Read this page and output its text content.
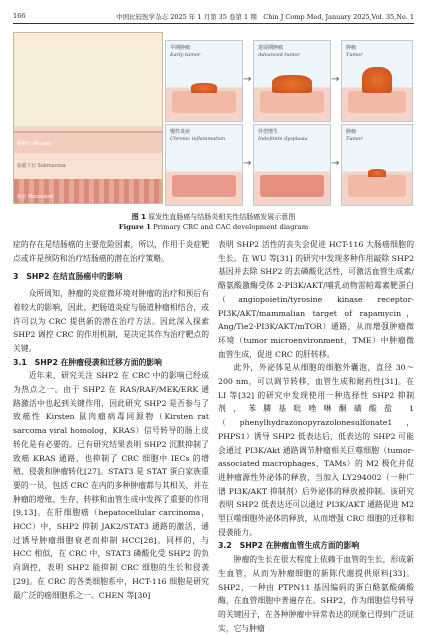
166	中国比较医学杂志 2025 年 1 月第 35 卷第 1 期　Chin J Comp Med, January 2025,Vol. 35,No. 1
黏膜层 Mucosa
黏膜下层 Submucosa
肌层 Muscularis
早期肿瘤
Early tumor
→
进展期肿瘤
Advanced tumor
→
肿瘤
Tumor
慢性炎症
Chronic inflammation
→
异型增生
Indefinite dysplasia
→
肿瘤
Tumor
图 1 原发性直肠癌与结肠炎相关性结肠癌发展示意图
Figure 1 Primary CRC and CAC development diagram

症的存在是结肠癌的主要危险因素，所以，作用于炎症靶点或许是预防和治疗结肠癌的潜在治疗策略。

3　SHP2 在结直肠癌中的影响

众所周知，肿瘤的炎症微环境对肿瘤的治疗和预后有着较大的影响，因此，把肠道炎症与肠道肿瘤相结合，或许可以为 CRC 提供新的潜在治疗方法。因此深入探索 SHP2 调控 CRC 的作用机制，是决定其作为治疗靶点的关键。

3.1　SHP2 在肿瘤侵袭和迁移方面的影响

近年来，研究关注 SHP2 在 CRC 中的影响已经成为热点之一。由于 SHP2 在 RAS/RAF/MEK/ERK 通路激活中也起到关键作用，因此研究 SHP2 是否参与了致癌性 Kirsten 鼠肉瘤病毒同源物（Kirsten rat sarcoma viral homolog，KRAS）信号转导的肠上皮转化是有必要的。已有研究结果表明 SHP2 沉默抑制了致癌 KRAS 通路，也抑制了 CRC 细胞中 IECs 的增殖、侵袭和肿瘤转化[27]。STAT3 是 STAT 蛋白家族重要的一员，包括 CRC 在内的多种肿瘤都与其相关，并在肿瘤的增殖、生存、转移和血管生成中发挥了重要的作用[9,13]。在肝细胞癌（hepatocellular carcinoma，HCC）中，SHP2 抑制 JAK2/STAT3 通路的激活，通过诱导肿瘤细胞衰老而抑制 HCC[28]。同样的，与 HCC 相似，在 CRC 中，STAT3 磷酸化受 SHP2 的负向调控，表明 SHP2 能抑制 CRC 细胞的生长和侵袭[29]。在 CRC 的各类细胞系中，HCT-116 细胞是研究最广泛的癌细胞系之一。CHEN 等[30]

表明 SHP2 活性的丧失会促进 HCT-116 大肠癌细胞的生长。在 WU 等[31] 的研究中发现多种作用敲除 SHP2 基因并去除 SHP2 的去磷酸化活性，可激活血管生成素/酪氨酸激酶受体 2-PI3K/AKT/哺乳动物雷帕霉素靶蛋白（angiopoietin/tyrosine kinase receptor-PI3K/AKT/mammalian target of rapamycin，Ang/Tie2-PI3K/AKT/mTOR）通路，从而增强肿瘤微环境（tumor microenvironment，TME）中肿瘤微血管生成，促进 CRC 的肝转移。

此外，外泌体是从细胞的细胞外囊泡，直径 30～200 nm，可以调节转移，血管生成和耐药性[31]。在 LI 等[32] 的研究中发现使用一种选择性 SHP2 抑制剂，苯膦基吡唑啉酮磺酸盐 1（phenylhydrazonopyrazolonesulfonate1，PHPS1）诱导 SHP2 低表达后，低表达的 SHP2 可能会通过 PI3K/Akt 通路调节肿瘤相关巨噬细胞（tumor-associated macrophages，TAMs）的 M2 极化并促进肿瘤源性外泌体的释放，当加入 LY294002（一种广谱 PI3K/AKT 抑制剂）后外泌体的释放被抑制。该研究表明 SHP2 低表达还可以通过 PI3K/AKT 通路促进 M2 型巨噬细胞外泌体的释放，从而增强 CRC 细胞的迁移和侵袭能力。

3.2　SHP2 在肿瘤血管生成方面的影响

肿瘤的生长在很大程度上依赖于血管的生长，形成新生血管，从而为肿瘤细胞的新陈代谢提供原料[33]。SHP2，一种由 PTPN11 基因编码的蛋白酪氨酸磷酸酶，在血管细胞中普遍存在。SHP2，作为细胞信号转导的关键因子，在各种肿瘤中异常表达的现象已得到广泛证实，它与肿瘤
